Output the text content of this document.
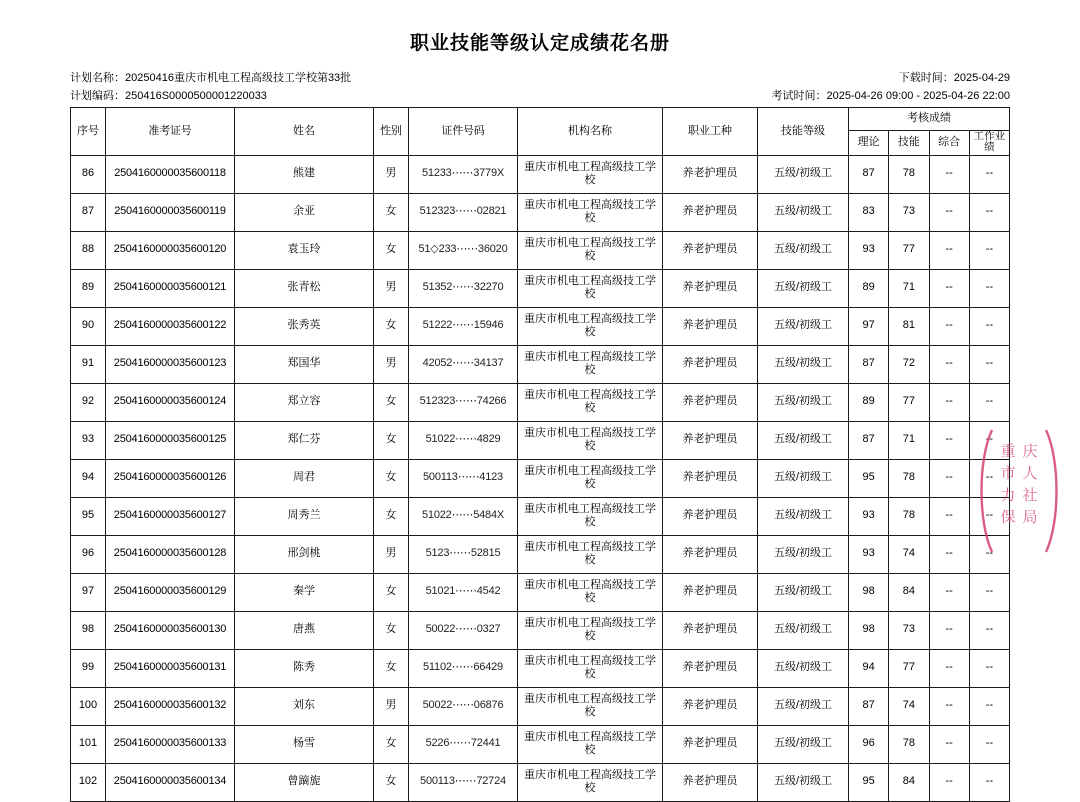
职业技能等级认定成绩花名册
计划名称：20250416重庆市机电工程高级技工学校第33批	下载时间：2025-04-29
计划编码：250416S0000500001220033	考试时间：2025-04-26 09:00 - 2025-04-26 22:00
序号	准考证号	姓名	性别	证件号码	机构名称	职业工种	技能等级	考核成绩			
								理论	技能	综合	工作业绩
86	2504160000035600118	熊建	男	51233⋯⋯3779X	重庆市机电工程高级技工学校	养老护理员	五级/初级工	87	78	--	--
87	2504160000035600119	余亚	女	512323⋯⋯02821	重庆市机电工程高级技工学校	养老护理员	五级/初级工	83	73	--	--
88	2504160000035600120	袁玉玲	女	51◇233⋯⋯36020	重庆市机电工程高级技工学校	养老护理员	五级/初级工	93	77	--	--
89	2504160000035600121	张青松	男	51352⋯⋯32270	重庆市机电工程高级技工学校	养老护理员	五级/初级工	89	71	--	--
90	2504160000035600122	张秀英	女	51222⋯⋯15946	重庆市机电工程高级技工学校	养老护理员	五级/初级工	97	81	--	--
91	2504160000035600123	郑国华	男	42052⋯⋯34137	重庆市机电工程高级技工学校	养老护理员	五级/初级工	87	72	--	--
92	2504160000035600124	郑立容	女	512323⋯⋯74266	重庆市机电工程高级技工学校	养老护理员	五级/初级工	89	77	--	--
93	2504160000035600125	郑仁芬	女	51022⋯⋯4829	重庆市机电工程高级技工学校	养老护理员	五级/初级工	87	71	--	--
94	2504160000035600126	周君	女	500113⋯⋯4123	重庆市机电工程高级技工学校	养老护理员	五级/初级工	95	78	--	--
95	2504160000035600127	周秀兰	女	51022⋯⋯5484X	重庆市机电工程高级技工学校	养老护理员	五级/初级工	93	78	--	--
96	2504160000035600128	邢剑桃	男	5123⋯⋯52815	重庆市机电工程高级技工学校	养老护理员	五级/初级工	93	74	--	--
97	2504160000035600129	秦学	女	51021⋯⋯4542	重庆市机电工程高级技工学校	养老护理员	五级/初级工	98	84	--	--
98	2504160000035600130	唐燕	女	50022⋯⋯0327	重庆市机电工程高级技工学校	养老护理员	五级/初级工	98	73	--	--
99	2504160000035600131	陈秀	女	51102⋯⋯66429	重庆市机电工程高级技工学校	养老护理员	五级/初级工	94	77	--	--
100	2504160000035600132	刘东	男	50022⋯⋯06876	重庆市机电工程高级技工学校	养老护理员	五级/初级工	87	74	--	--
101	2504160000035600133	杨雪	女	5226⋯⋯72441	重庆市机电工程高级技工学校	养老护理员	五级/初级工	96	78	--	--
102	2504160000035600134	曾蹢旎	女	500113⋯⋯72724	重庆市机电工程高级技工学校	养老护理员	五级/初级工	95	84	--	--
重 庆
市 人
力 社
保 局
